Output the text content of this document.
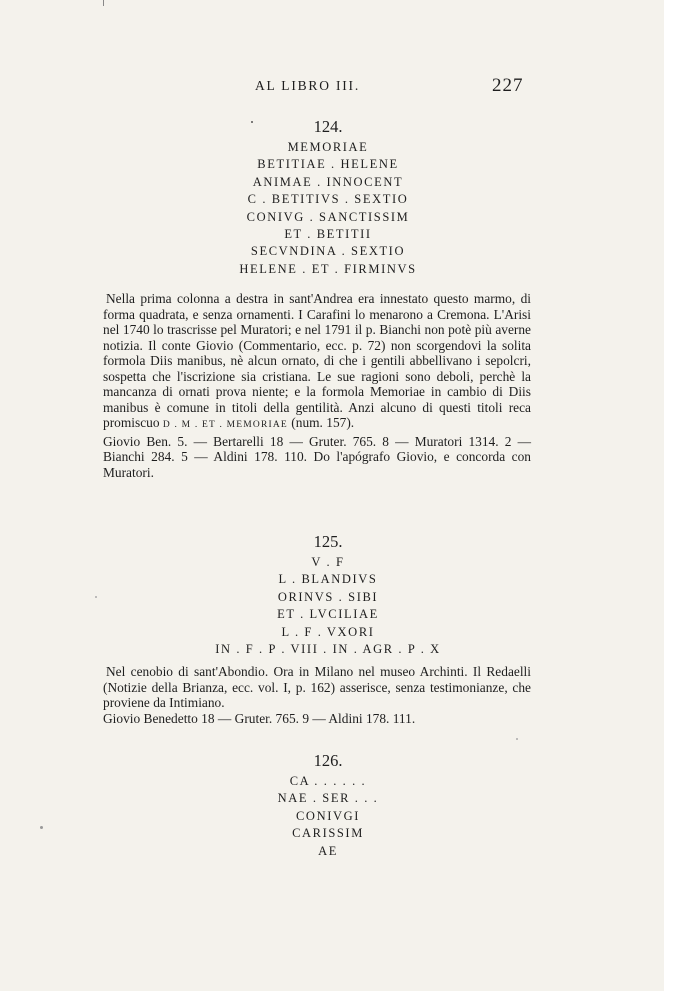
AL LIBRO III.	227
124.
MEMORIAE
BETITIAE . HELENE
ANIMAE . INNOCENT
C . BETITIVS . SEXTIO
CONIVG . SANCTISSIM
ET . BETITII
SECVNDINA . SEXTIO
HELENE . ET . FIRMINVS

Nella prima colonna a destra in sant'Andrea era innestato questo marmo, di forma quadrata, e senza ornamenti. I Carafini lo menarono a Cremona. L'Arisi nel 1740 lo trascrisse pel Muratori; e nel 1791 il p. Bianchi non potè più averne notizia. Il conte Giovio (Commentario, ecc. p. 72) non scorgendovi la solita formola Diis manibus, nè alcun ornato, di che i gentili abbellivano i sepolcri, sospetta che l'iscrizione sia cristiana. Le sue ragioni sono deboli, perchè la mancanza di ornati prova niente; e la formola Memoriae in cambio di Diis manibus è comune in titoli della gentilità. Anzi alcuno di questi titoli reca promiscuo D . M . ET . MEMORIAE (num. 157).

Giovio Ben. 5. — Bertarelli 18 — Gruter. 765. 8 — Muratori 1314. 2 — Bianchi 284. 5 — Aldini 178. 110. Do l'apógrafo Giovio, e concorda con Muratori.

125.
V . F
L . BLANDIVS
ORINVS . SIBI
ET . LVCILIAE
L . F . VXORI
IN . F . P . VIII . IN . AGR . P . X

Nel cenobio di sant'Abondio. Ora in Milano nel museo Archinti. Il Redaelli (Notizie della Brianza, ecc. vol. I, p. 162) asserisce, senza testimonianze, che proviene da Intimiano.

Giovio Benedetto 18 — Gruter. 765. 9 — Aldini 178. 111.

126.
CA . . . . . .
NAE . SER . . .
CONIVGI
CARISSIM
AE
